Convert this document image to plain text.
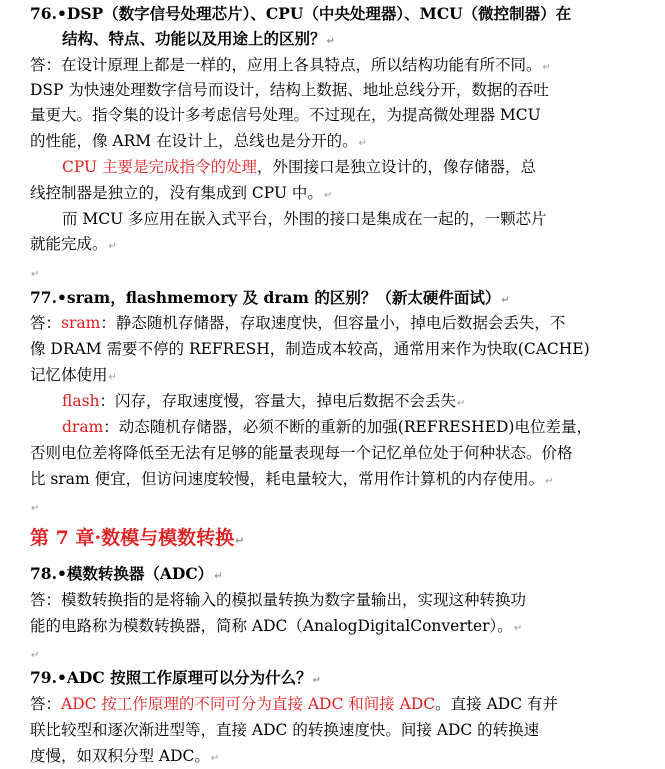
76.•DSP（数字信号处理芯片）、CPU（中央处理器）、MCU（微控制器）在
结构、特点、功能以及用途上的区别？↵
答：在设计原理上都是一样的，应用上各具特点，所以结构功能有所不同。↵
DSP 为快速处理数字信号而设计，结构上数据、地址总线分开，数据的吞吐
量更大。指令集的设计多考虑信号处理。不过现在，为提高微处理器 MCU
的性能，像 ARM 在设计上，总线也是分开的。↵
CPU 主要是完成指令的处理，外围接口是独立设计的，像存储器，总
线控制器是独立的，没有集成到 CPU 中。↵
而 MCU 多应用在嵌入式平台，外围的接口是集成在一起的，一颗芯片
就能完成。↵
↵
77.•sram，flashmemory 及 dram 的区别？（新太硬件面试）↵
答：sram：静态随机存储器，存取速度快，但容量小，掉电后数据会丢失，不
像 DRAM 需要不停的 REFRESH，制造成本较高，通常用来作为快取(CACHE)
记忆体使用↵
flash：闪存，存取速度慢，容量大，掉电后数据不会丢失↵
dram：动态随机存储器，必须不断的重新的加强(REFRESHED)电位差量，
否则电位差将降低至无法有足够的能量表现每一个记忆单位处于何种状态。价格
比 sram 便宜，但访问速度较慢，耗电量较大，常用作计算机的内存使用。↵
↵
第 7 章·数模与模数转换↵
78.•模数转换器（ADC）↵
答：模数转换指的是将输入的模拟量转换为数字量输出，实现这种转换功
能的电路称为模数转换器，简称 ADC（AnalogDigitalConverter）。↵
↵
79.•ADC 按照工作原理可以分为什么？↵
答：ADC 按工作原理的不同可分为直接 ADC 和间接 ADC。直接 ADC 有并
联比较型和逐次渐进型等，直接 ADC 的转换速度快。间接 ADC 的转换速
度慢，如双积分型 ADC。↵
